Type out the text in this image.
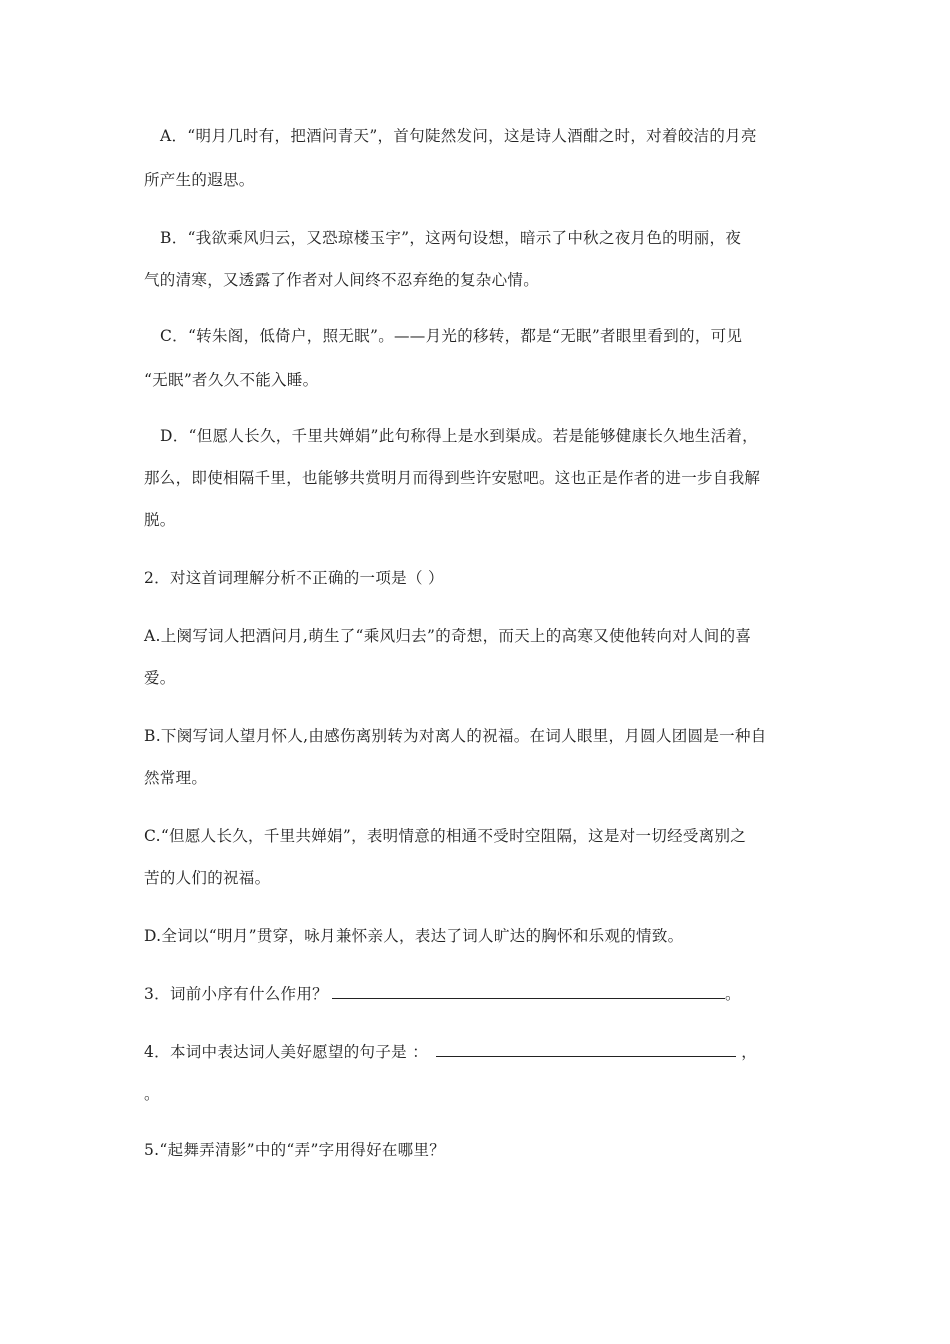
A．“明月几时有，把酒问青天”，首句陡然发问，这是诗人酒酣之时，对着皎洁的月亮
所产生的遐思。
B．“我欲乘风归云，又恐琼楼玉宇”，这两句设想，暗示了中秋之夜月色的明丽，夜
气的清寒，又透露了作者对人间终不忍弃绝的复杂心情。
C．“转朱阁，低倚户，照无眠”。——月光的移转，都是“无眠”者眼里看到的，可见
“无眠”者久久不能入睡。
D．“但愿人长久，千里共婵娟”此句称得上是水到渠成。若是能够健康长久地生活着，
那么，即使相隔千里，也能够共赏明月而得到些许安慰吧。这也正是作者的进一步自我解
脱。
2．对这首词理解分析不正确的一项是（ ）
A.上阕写词人把酒问月,萌生了“乘风归去”的奇想，而天上的高寒又使他转向对人间的喜
爱。
B.下阕写词人望月怀人,由感伤离别转为对离人的祝福。在词人眼里，月圆人团圆是一种自
然常理。
C.“但愿人长久，千里共婵娟”，表明情意的相通不受时空阻隔，这是对一切经受离别之
苦的人们的祝福。
D.全词以“明月”贯穿，咏月兼怀亲人，表达了词人旷达的胸怀和乐观的情致。
3．词前小序有什么作用？	。
4．本词中表达词人美好愿望的句子是 ：	，
。
5.“起舞弄清影”中的“弄”字用得好在哪里？
